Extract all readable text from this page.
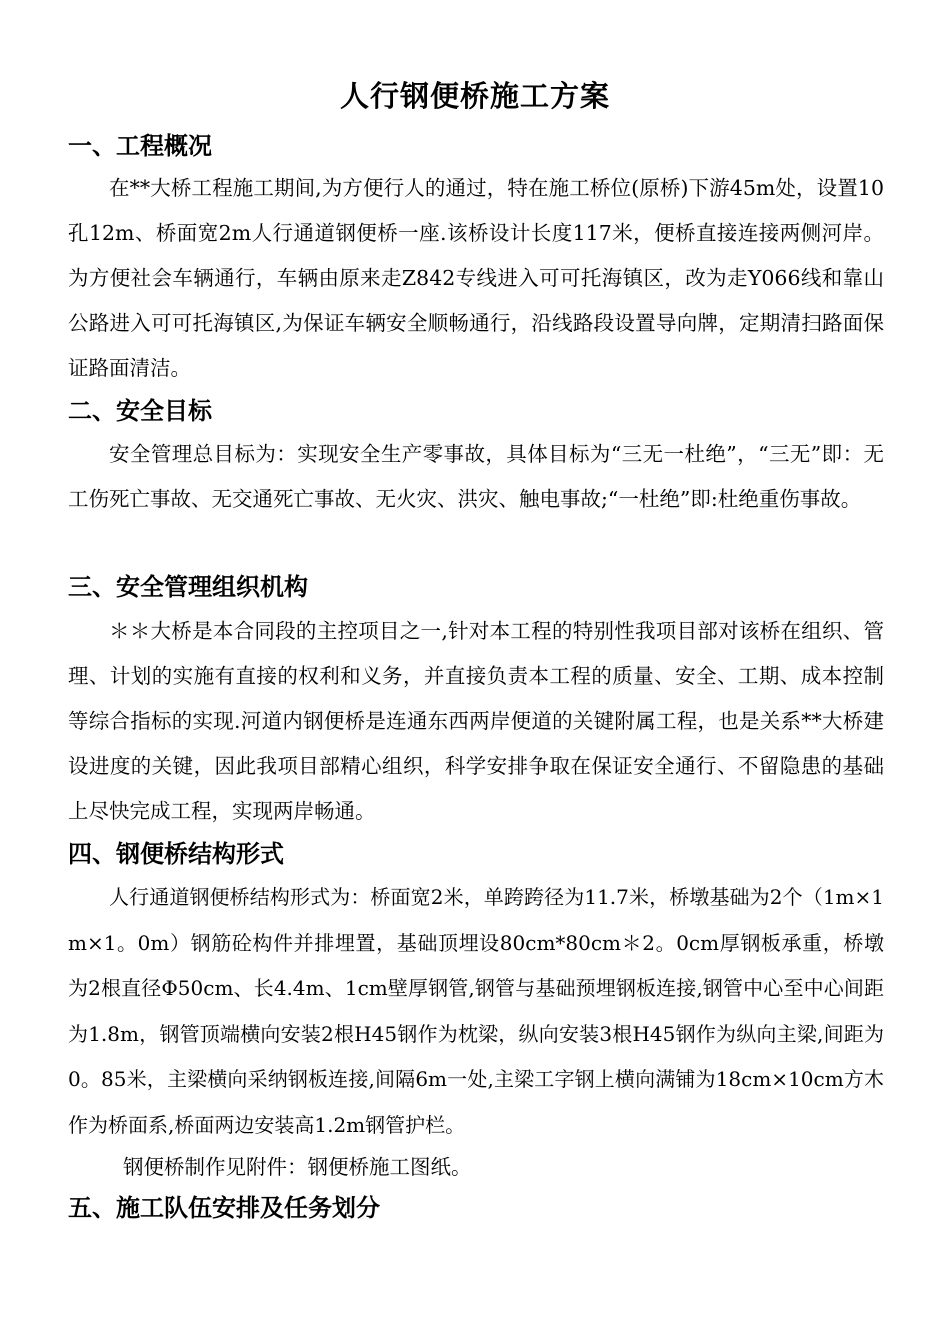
人行钢便桥施工方案
一、工程概况
在**大桥工程施工期间,为方便行人的通过，特在施工桥位(原桥)下游45m处，设置10孔12m、桥面宽2m人行通道钢便桥一座.该桥设计长度117米，便桥直接连接两侧河岸。为方便社会车辆通行，车辆由原来走Z842专线进入可可托海镇区，改为走Y066线和靠山公路进入可可托海镇区,为保证车辆安全顺畅通行，沿线路段设置导向牌，定期清扫路面保证路面清洁。
二、安全目标
安全管理总目标为：实现安全生产零事故，具体目标为“三无一杜绝”，“三无”即：无工伤死亡事故、无交通死亡事故、无火灾、洪灾、触电事故;“一杜绝”即:杜绝重伤事故。
三、安全管理组织机构
＊＊大桥是本合同段的主控项目之一,针对本工程的特别性我项目部对该桥在组织、管理、计划的实施有直接的权利和义务，并直接负责本工程的质量、安全、工期、成本控制等综合指标的实现.河道内钢便桥是连通东西两岸便道的关键附属工程，也是关系**大桥建设进度的关键，因此我项目部精心组织，科学安排争取在保证安全通行、不留隐患的基础上尽快完成工程，实现两岸畅通。
四、钢便桥结构形式
人行通道钢便桥结构形式为：桥面宽2米，单跨跨径为11.7米，桥墩基础为2个（1m×1m×1。0m）钢筋砼构件并排埋置，基础顶埋设80cm*80cm＊2。0cm厚钢板承重，桥墩为2根直径Φ50cm、长4.4m、1cm壁厚钢管,钢管与基础预埋钢板连接,钢管中心至中心间距为1.8m，钢管顶端横向安装2根H45钢作为枕梁，纵向安装3根H45钢作为纵向主梁,间距为0。85米，主梁横向采纳钢板连接,间隔6m一处,主梁工字钢上横向满铺为18cm×10cm方木作为桥面系,桥面两边安装高1.2m钢管护栏。
钢便桥制作见附件：钢便桥施工图纸。
五、施工队伍安排及任务划分
